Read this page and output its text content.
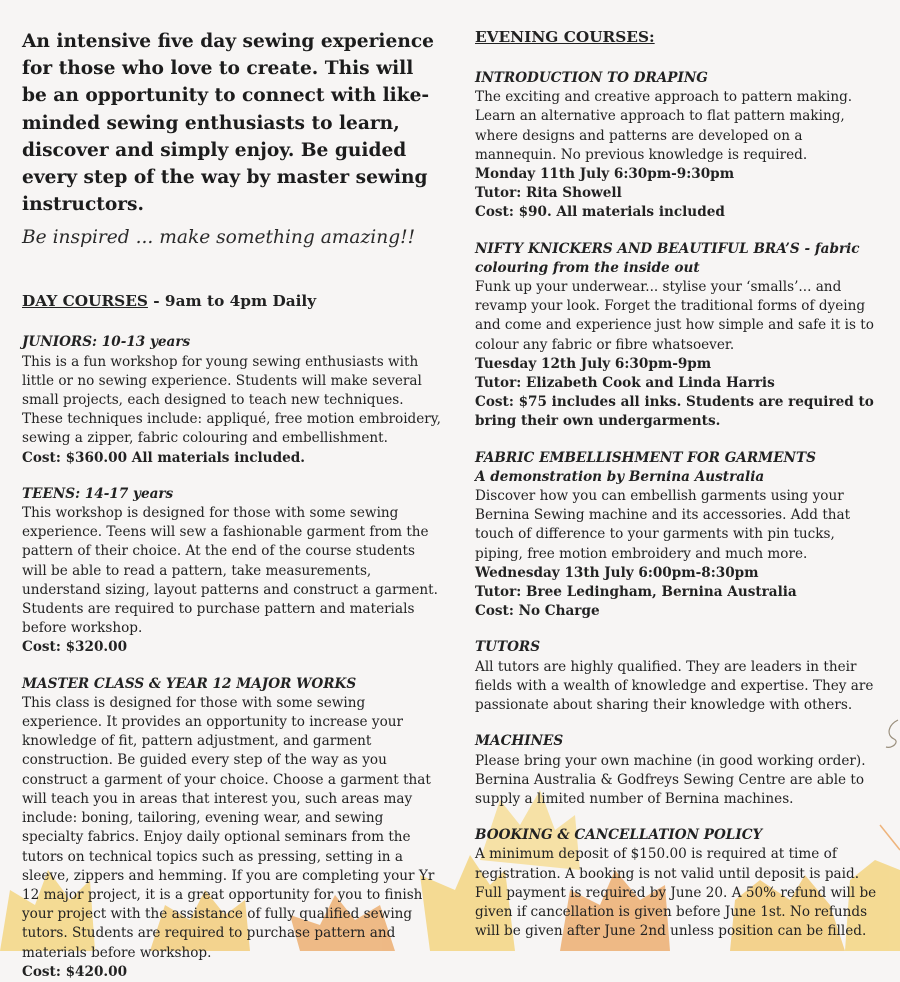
An intensive five day sewing experience for those who love to create. This will be an opportunity to connect with like-minded sewing enthusiasts to learn, discover and simply enjoy. Be guided every step of the way by master sewing instructors.

Be inspired ... make something amazing!!

DAY COURSES - 9am to 4pm Daily

JUNIORS: 10-13 years

This is a fun workshop for young sewing enthusiasts with little or no sewing experience. Students will make several small projects, each designed to teach new techniques.

These techniques include: appliqué, free motion embroidery, sewing a zipper, fabric colouring and embellishment.

Cost: $360.00 All materials included.

TEENS: 14-17 years

This workshop is designed for those with some sewing experience. Teens will sew a fashionable garment from the pattern of their choice. At the end of the course students will be able to read a pattern, take measurements, understand sizing, layout patterns and construct a garment.

Students are required to purchase pattern and materials before workshop.

Cost: $320.00

MASTER CLASS & YEAR 12 MAJOR WORKS

This class is designed for those with some sewing experience. It provides an opportunity to increase your knowledge of fit, pattern adjustment, and garment construction. Be guided every step of the way as you construct a garment of your choice. Choose a garment that will teach you in areas that interest you, such areas may include: boning, tailoring, evening wear, and sewing specialty fabrics. Enjoy daily optional seminars from the tutors on technical topics such as pressing, setting in a sleeve, zippers and hemming. If you are completing your Yr 12 major project, it is a great opportunity for you to finish your project with the assistance of fully qualified sewing tutors. Students are required to purchase pattern and materials before workshop.

Cost: $420.00

EVENING COURSES:

INTRODUCTION TO DRAPING

The exciting and creative approach to pattern making. Learn an alternative approach to flat pattern making, where designs and patterns are developed on a mannequin. No previous knowledge is required.

Monday 11th July 6:30pm-9:30pm

Tutor: Rita Showell

Cost: $90. All materials included

NIFTY KNICKERS AND BEAUTIFUL BRA’S - fabric colouring from the inside out

Funk up your underwear... stylise your ‘smalls’... and revamp your look. Forget the traditional forms of dyeing and come and experience just how simple and safe it is to colour any fabric or fibre whatsoever.

Tuesday 12th July 6:30pm-9pm

Tutor: Elizabeth Cook and Linda Harris

Cost: $75 includes all inks. Students are required to bring their own undergarments.

FABRIC EMBELLISHMENT FOR GARMENTS

A demonstration by Bernina Australia

Discover how you can embellish garments using your Bernina Sewing machine and its accessories. Add that touch of difference to your garments with pin tucks, piping, free motion embroidery and much more.

Wednesday 13th July 6:00pm-8:30pm

Tutor: Bree Ledingham, Bernina Australia

Cost: No Charge

TUTORS

All tutors are highly qualified. They are leaders in their fields with a wealth of knowledge and expertise. They are passionate about sharing their knowledge with others.

MACHINES

Please bring your own machine (in good working order). Bernina Australia & Godfreys Sewing Centre are able to supply a limited number of Bernina machines.

BOOKING & CANCELLATION POLICY

A minimum deposit of $150.00 is required at time of registration. A booking is not valid until deposit is paid. Full payment is required by June 20. A 50% refund will be given if cancellation is given before June 1st. No refunds will be given after June 2nd unless position can be filled.
